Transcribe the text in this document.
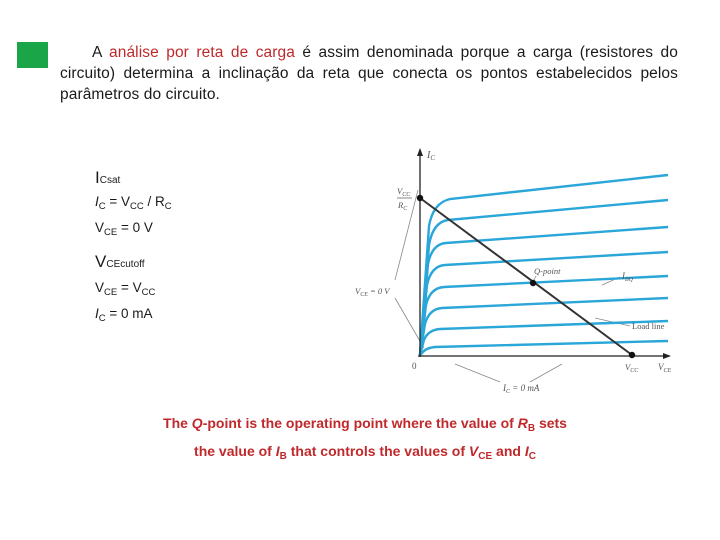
A análise por reta de carga é assim denominada porque a carga (resistores do circuito) determina a inclinação da reta que conecta os pontos estabelecidos pelos parâmetros do circuito.
ICsat
$I_C = V_{CC} / R_C$
$V_{CE} = 0$ V
VCEcutoff
$V_{CE} = V_{CC}$
$I_C = 0$ mA
$I_C$
$V_{CC}$
$R_C$
Q-point	$I_{BQ}$
$V_{CE} = 0$ V
Load line
0	$V_{CC}$ $V_{CE}$
$I_C = 0$ mA
The Q-point is the operating point where the value of $R_B$ sets
the value of $I_B$ that controls the values of $V_{CE}$ and $I_C$
